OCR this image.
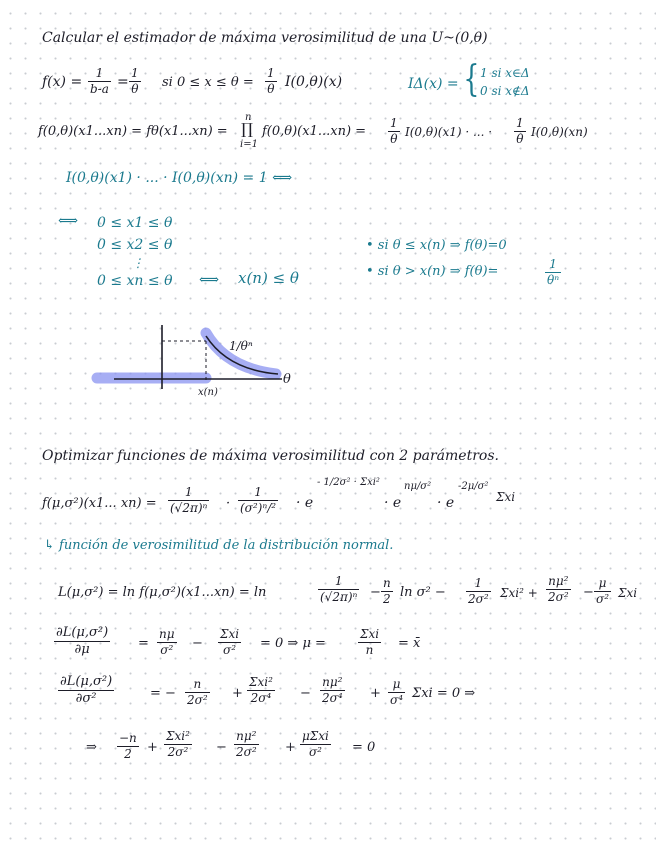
Calcular el estimador de máxima verosimilitud de una U~(0,θ)
$f(x) = \frac{1}{b-a} = \frac{1}{\theta}$ si $0 \le x \le \theta = \frac{1}{\theta} I(0,\theta)(x)$	IΔ(x) = { 1 si x∈Δ
0 si x∉Δ
f(0,θ)(x1...xn) = fθ(x1...xn) =
n
∏
i=1
$f(0,\theta)(x1...xn) = \frac{1}{\theta} I(0,\theta)(x1)$ · ... · $\frac{1}{\theta} I(0,\theta)(xn)$
I(0,θ)(x1) · ... · I(0,θ)(xn) = 1 ⟺
⟺ 0 ≤ x1 ≤ θ
0 ≤ x2 ≤ θ
⋮
0 ≤ xn ≤ θ ⟺ x(n) ≤ θ
• si θ ≤ x(n) ⇒ f(θ)=0
• si θ > x(n) ⇒ f(θ)=	$\frac{1}{\text{θⁿ}}$
1/θⁿ
θ
x(n)
Optimizar funciones de máxima verosimilitud con 2 parámetros.
f(μ,σ²)(x1... $xn) = \frac{1}{\text{(√2π)ⁿ}} \cdot \frac{1}{\text{(σ²)ⁿ/²}} \cdot e$
- 1/2σ² · Σxi²
· e
nμ/σ²
· e
-2μ/σ²
Σxi
↳ función de verosimilitud de la distribución normal.
L(μ,σ²) = ln f(μ,σ²)(x1...xn) = ln	$\frac{1}{\text{(√2π)ⁿ}} - \frac{n}{2}$ $\ln \sigma^2 - \frac{1}{\text{2σ²}} \Sigma xi^2 + \frac{\text{nμ²}}{\text{2σ²}} - \frac{\mu}{\text{σ²}}$ Σxi
$\frac{\text{∂L(μ,σ²)}}{\partial\mu} = \frac{n\mu}{\text{σ²}}$ −
Σxi
σ²	= 0 ⇒ μ =
Σxi
n	= x̄
$\frac{\text{∂L(μ,σ²)}}{\text{∂σ²}}$	= − $\frac{n}{\text{2σ²}}$ +
Σxi²
$2\sigma^4 - \frac{\text{nμ²}}{\text{2σ⁴}} + \frac{\mu}{\text{σ⁴}}$ Σxi = 0 ⇒
⇒ $\frac{-n}{2}$ +
Σxi²
$2\sigma^2 - \frac{\text{nμ²}}{\text{2σ²}}$ +
μΣxi
σ²	= 0
